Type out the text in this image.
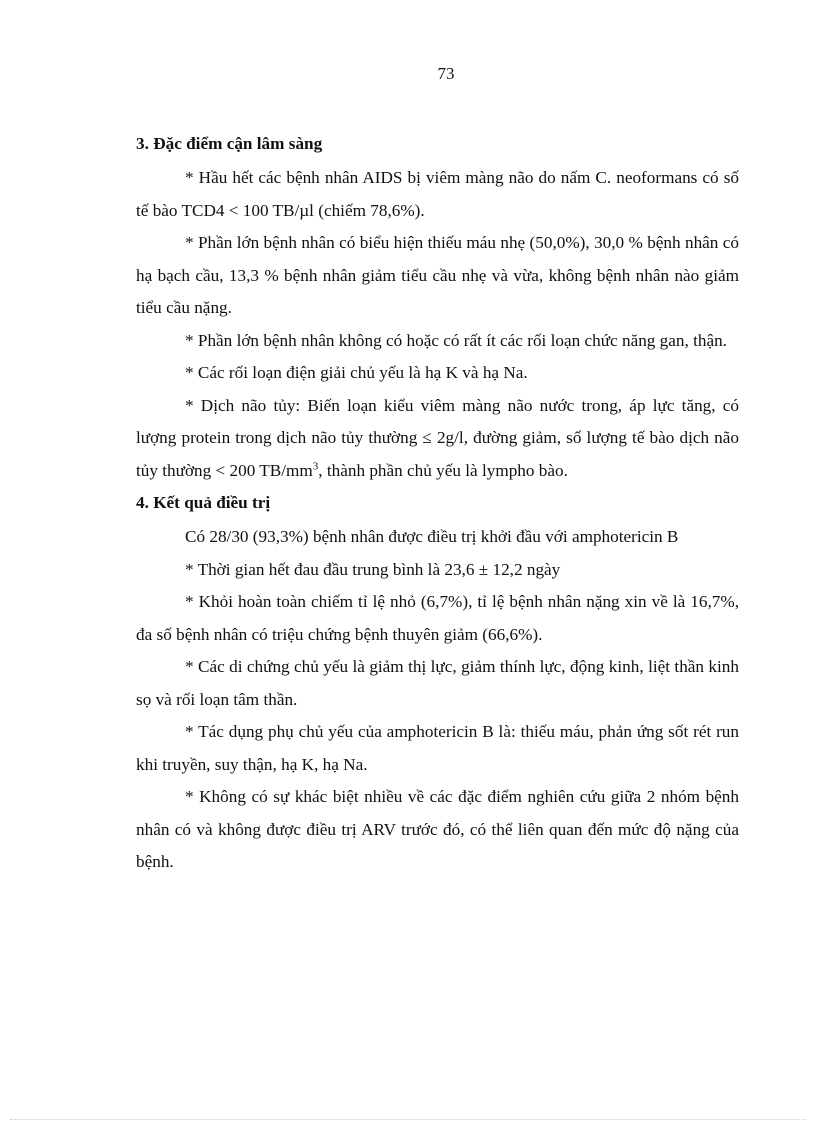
73
3. Đặc điểm cận lâm sàng

* Hầu hết các bệnh nhân AIDS bị viêm màng não do nấm C. neoformans có số tế bào TCD4 < 100 TB/µl (chiếm 78,6%).

* Phần lớn bệnh nhân có biểu hiện thiếu máu nhẹ (50,0%), 30,0 % bệnh nhân có hạ bạch cầu, 13,3 % bệnh nhân giảm tiểu cầu nhẹ và vừa, không bệnh nhân nào giảm tiểu cầu nặng.

* Phần lớn bệnh nhân không có hoặc có rất ít các rối loạn chức năng gan, thận.

* Các rối loạn điện giải chủ yếu là hạ K và hạ Na.

* Dịch não tủy: Biến loạn kiểu viêm màng não nước trong, áp lực tăng, có lượng protein trong dịch não tủy thường ≤ 2g/l, đường giảm, số lượng tế bào dịch não tủy thường < 200 $TB/mm^3$, thành phần chủ yếu là lympho bào.

4. Kết quả điều trị

Có 28/30 (93,3%) bệnh nhân được điều trị khởi đầu với amphotericin B

* Thời gian hết đau đầu trung bình là 23,6 ± 12,2 ngày

* Khỏi hoàn toàn chiếm tỉ lệ nhỏ (6,7%), tỉ lệ bệnh nhân nặng xin về là 16,7%, đa số bệnh nhân có triệu chứng bệnh thuyên giảm (66,6%).

* Các di chứng chủ yếu là giảm thị lực, giảm thính lực, động kinh, liệt thần kinh sọ và rối loạn tâm thần.

* Tác dụng phụ chủ yếu của amphotericin B là: thiếu máu, phản ứng sốt rét run khi truyền, suy thận, hạ K, hạ Na.

* Không có sự khác biệt nhiều về các đặc điểm nghiên cứu giữa 2 nhóm bệnh nhân có và không được điều trị ARV trước đó, có thể liên quan đến mức độ nặng của bệnh.
